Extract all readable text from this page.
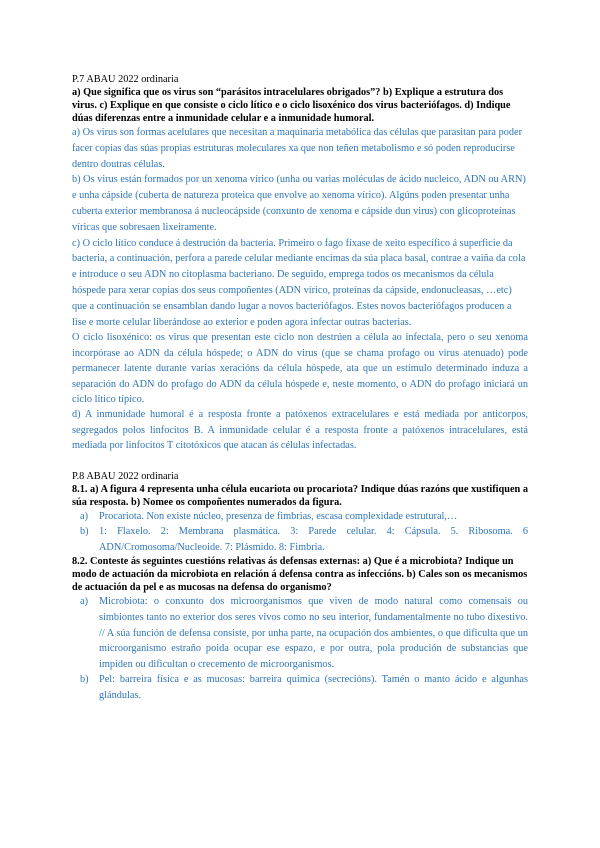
P.7 ABAU 2022 ordinaria

a) Que significa que os virus son “parásitos intracelulares obrigados”? b) Explique a estrutura dos virus. c) Explique en que consiste o ciclo lítico e o ciclo lisoxénico dos virus bacteriófagos. d) Indique dúas diferenzas entre a inmunidade celular e a inmunidade humoral.

a) Os virus son formas acelulares que necesitan a maquinaria metabólica das células que parasitan para poder facer copias das súas propias estruturas moleculares xa que non teñen metabolismo e só poden reproducirse dentro doutras células.

b) Os virus están formados por un xenoma vírico (unha ou varias moléculas de ácido nucleico, ADN ou ARN) e unha cápside (cuberta de natureza proteica que envolve ao xenoma vírico). Algúns poden presentar unha cuberta exterior membranosa á nucleocápside (conxunto de xenoma e cápside dun virus) con glicoproteínas víricas que sobresaen lixeiramente.

c) O ciclo lítico conduce á destrución da bacteria. Primeiro o fago fíxase de xeito específico á superficie da bacteria, a continuación, perfora a parede celular mediante encimas da súa placa basal, contrae a vaíña da cola e introduce o seu ADN no citoplasma bacteriano. De seguido, emprega todos os mecanismos da célula hóspede para xerar copias dos seus compoñentes (ADN vírico, proteínas da cápside, endonucleasas, …etc) que a continuación se ensamblan dando lugar a novos bacteriófagos. Estes novos bacteriófagos producen a lise e morte celular liberándose ao exterior e poden agora infectar outras bacterias.

O ciclo lisoxénico: os virus que presentan este ciclo non destrúen a célula ao infectala, pero o seu xenoma incorpórase ao ADN da célula hóspede; o ADN do virus (que se chama profago ou virus atenuado) pode permanecer latente durante varias xeracións da célula hóspede, ata que un estímulo determinado induza a separación do ADN do profago do ADN da célula hóspede e, neste momento, o ADN do profago iniciará un ciclo lítico típico.

d) A inmunidade humoral é a resposta fronte a patóxenos extracelulares e está mediada por anticorpos, segregados polos linfocitos B. A inmunidade celular é a resposta fronte a patóxenos intracelulares, está mediada por linfocitos T citotóxicos que atacan ás células infectadas.

P.8 ABAU 2022 ordinaria

8.1. a) A figura 4 representa unha célula eucariota ou procariota? Indique dúas razóns que xustifiquen a súa resposta. b) Nomee os compoñentes numerados da figura.

a) Procariota. Non existe núcleo, presenza de fimbrias, escasa complexidade estrutural,…
b) 1: Flaxelo. 2: Membrana plasmática. 3: Parede celular. 4: Cápsula. 5. Ribosoma. 6 ADN/Cromosoma/Nucleoide. 7: Plásmido. 8: Fimbria.

8.2. Conteste ás seguintes cuestións relativas ás defensas externas: a) Que é a microbiota? Indique un modo de actuación da microbiota en relación á defensa contra as infeccións. b) Cales son os mecanismos de actuación da pel e as mucosas na defensa do organismo?

a) Microbiota: o conxunto dos microorganismos que viven de modo natural como comensais ou simbiontes tanto no exterior dos seres vivos como no seu interior, fundamentalmente no tubo dixestivo. // A súa función de defensa consiste, por unha parte, na ocupación dos ambientes, o que dificulta que un microorganismo estraño poida ocupar ese espazo, e por outra, pola produción de substancias que impiden ou dificultan o crecemento de microorganismos.
b) Pel: barreira física e as mucosas: barreira química (secrecións). Tamén o manto ácido e algunhas glándulas.
